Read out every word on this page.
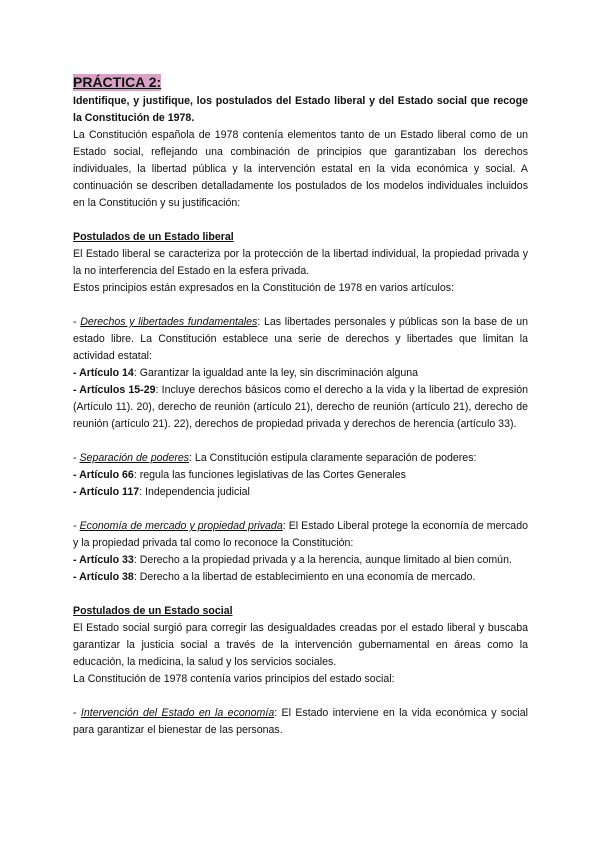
PRÁCTICA 2:

Identifique, y justifique, los postulados del Estado liberal y del Estado social que recoge la Constitución de 1978.

La Constitución española de 1978 contenía elementos tanto de un Estado liberal como de un Estado social, reflejando una combinación de principios que garantizaban los derechos individuales, la libertad pública y la intervención estatal en la vida económica y social. A continuación se describen detalladamente los postulados de los modelos individuales incluidos en la Constitución y su justificación:

Postulados de un Estado liberal

El Estado liberal se caracteriza por la protección de la libertad individual, la propiedad privada y la no interferencia del Estado en la esfera privada.

Estos principios están expresados en la Constitución de 1978 en varios artículos:

- Derechos y libertades fundamentales: Las libertades personales y públicas son la base de un estado libre. La Constitución establece una serie de derechos y libertades que limitan la actividad estatal:

- Artículo 14: Garantizar la igualdad ante la ley, sin discriminación alguna

- Artículos 15-29: Incluye derechos básicos como el derecho a la vida y la libertad de expresión (Artículo 11). 20), derecho de reunión (artículo 21), derecho de reunión (artículo 21), derecho de reunión (artículo 21). 22), derechos de propiedad privada y derechos de herencia (artículo 33).

- Separación de poderes: La Constitución estipula claramente separación de poderes:

- Artículo 66: regula las funciones legislativas de las Cortes Generales

- Artículo 117: Independencia judicial

- Economía de mercado y propiedad privada: El Estado Liberal protege la economía de mercado y la propiedad privada tal como lo reconoce la Constitución:

- Artículo 33: Derecho a la propiedad privada y a la herencia, aunque limitado al bien común.

- Artículo 38: Derecho a la libertad de establecimiento en una economía de mercado.

Postulados de un Estado social

El Estado social surgió para corregir las desigualdades creadas por el estado liberal y buscaba garantizar la justicia social a través de la intervención gubernamental en áreas como la educación, la medicina, la salud y los servicios sociales.

La Constitución de 1978 contenía varios principios del estado social:

- Intervención del Estado en la economía: El Estado interviene en la vida económica y social para garantizar el bienestar de las personas.
